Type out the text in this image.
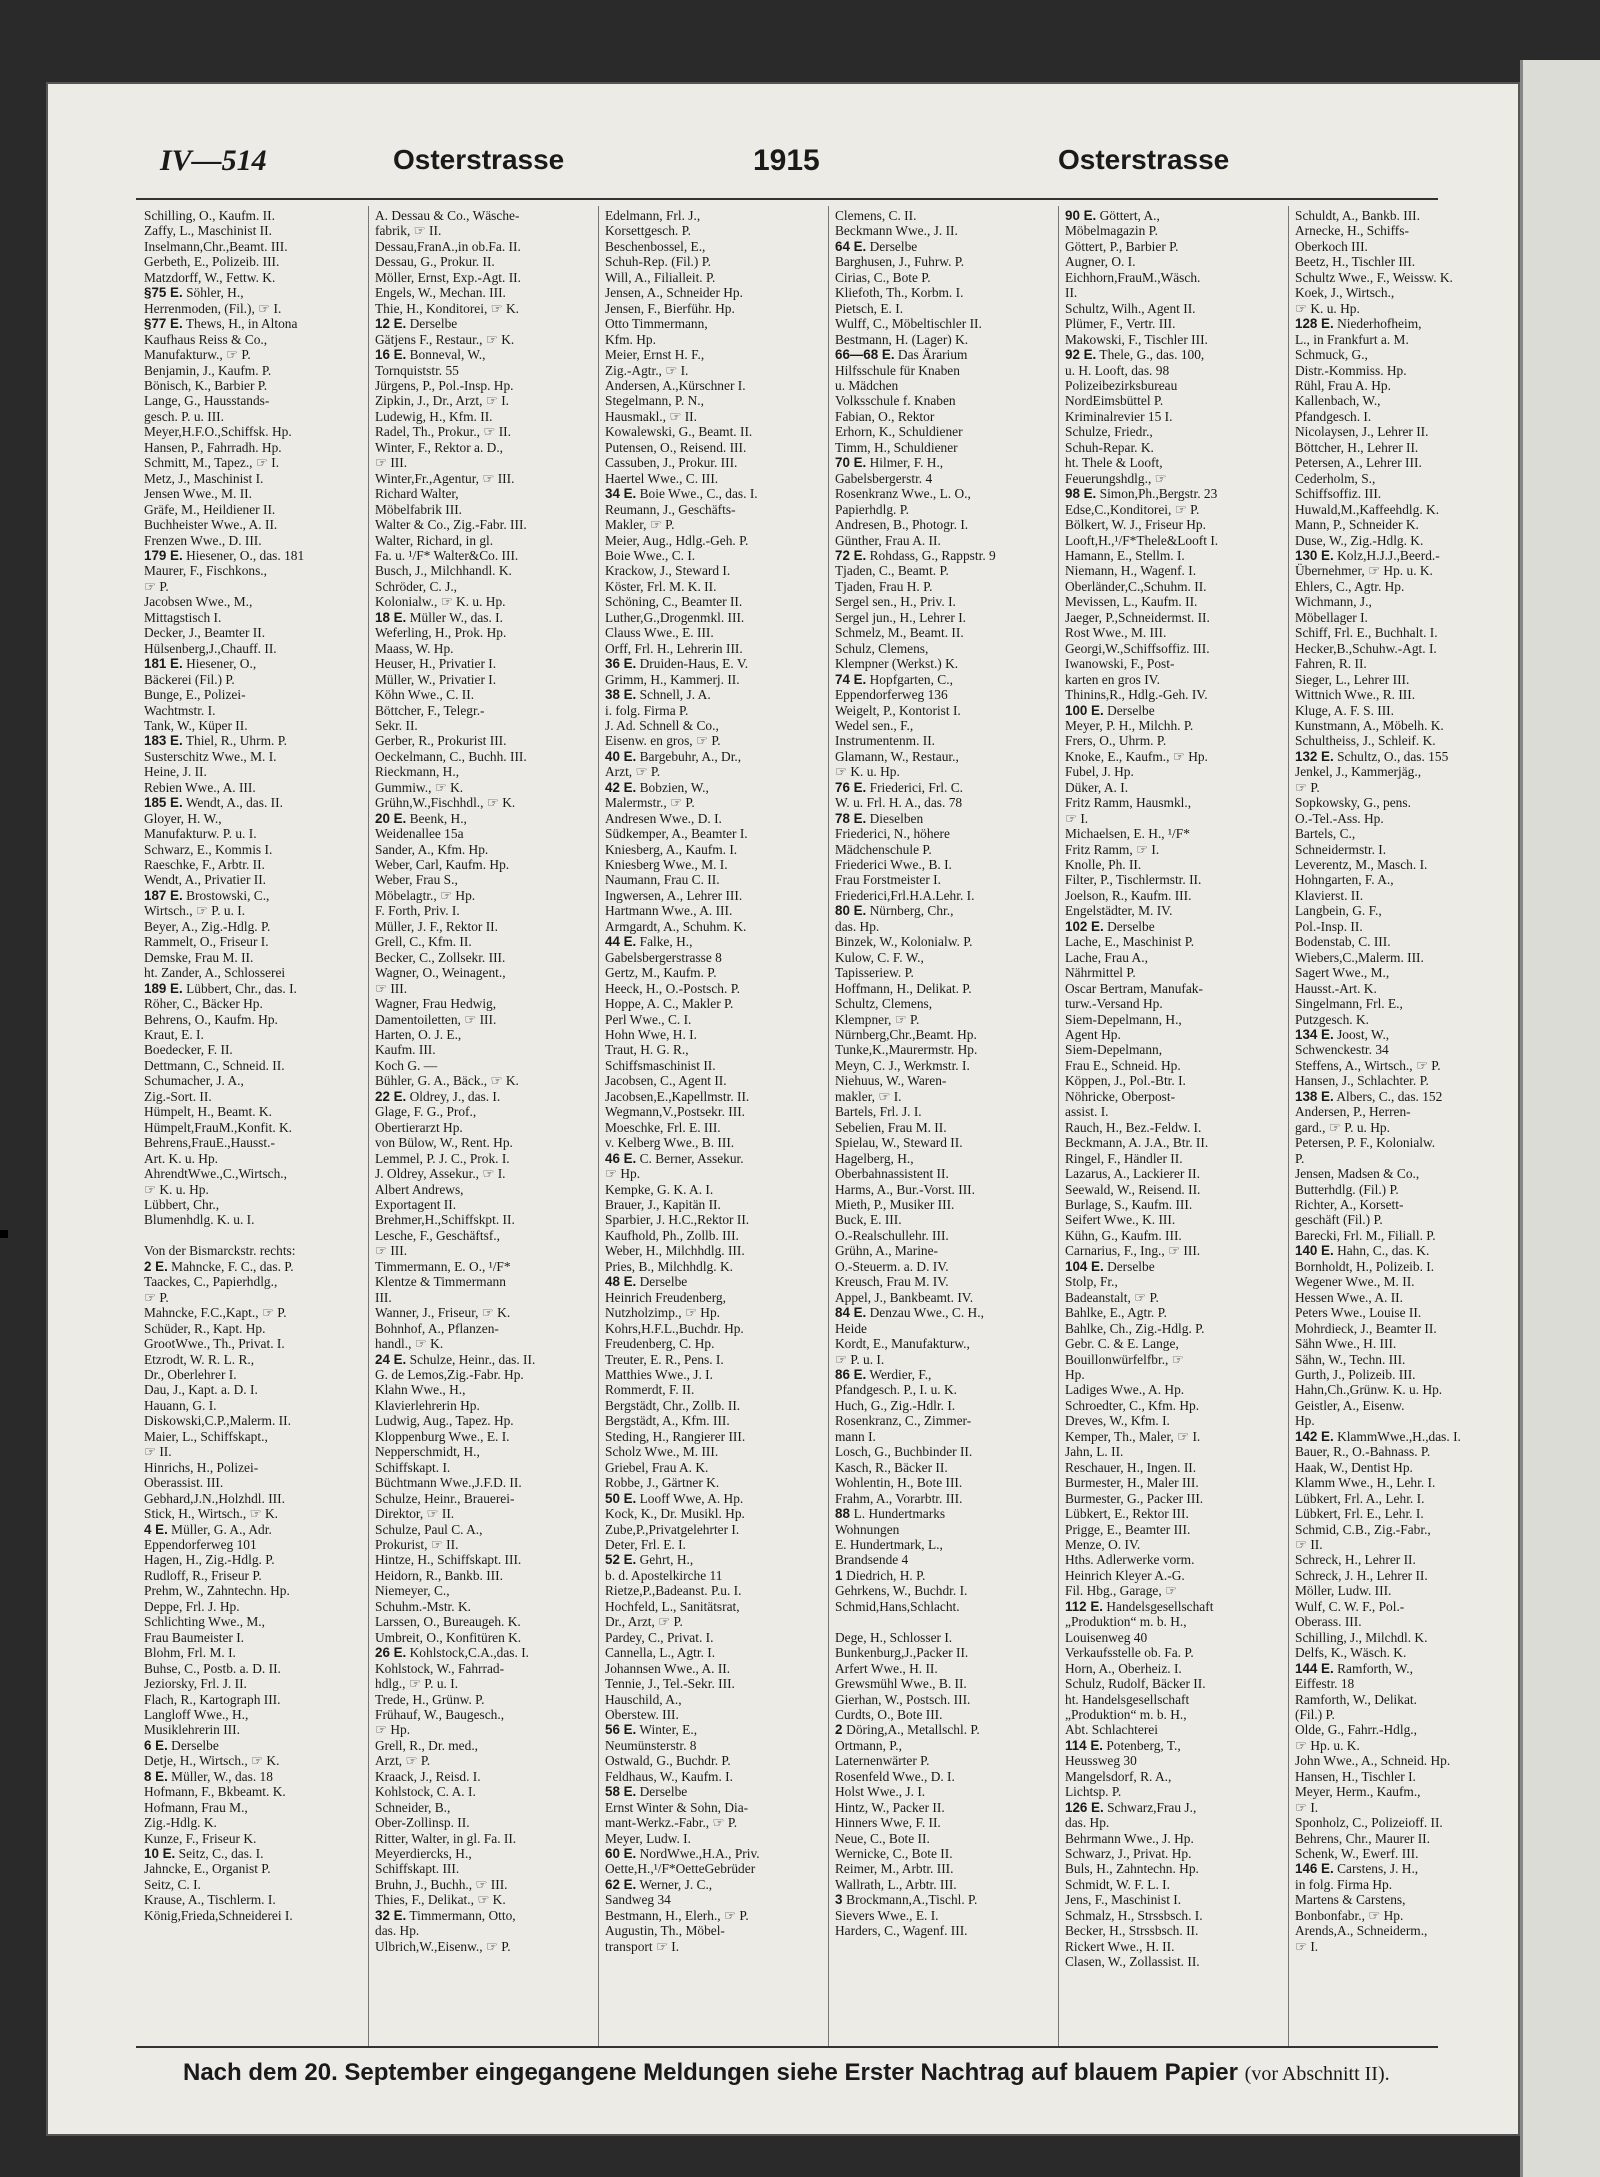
IV—514	Osterstrasse	1915	Osterstrasse
Schilling, O., Kaufm. II.
Zaffy, L., Maschinist II.
Inselmann,Chr.,Beamt. III.
Gerbeth, E., Polizeib. III.
Matzdorff, W., Fettw. K.
§75 E. Söhler, H.,
Herrenmoden, (Fil.), ☞ I.
§77 E. Thews, H., in Altona
Kaufhaus Reiss & Co.,
Manufakturw., ☞ P.
Benjamin, J., Kaufm. P.
Bönisch, K., Barbier P.
Lange, G., Hausstands-
gesch. P. u. III.
Meyer,H.F.O.,Schiffsk. Hp.
Hansen, P., Fahrradh. Hp.
Schmitt, M., Tapez., ☞ I.
Metz, J., Maschinist I.
Jensen Wwe., M. II.
Gräfe, M., Heildiener II.
Buchheister Wwe., A. II.
Frenzen Wwe., D. III.
179 E. Hiesener, O., das. 181
Maurer, F., Fischkons.,
☞ P.
Jacobsen Wwe., M.,
Mittagstisch I.
Decker, J., Beamter II.
Hülsenberg,J.,Chauff. II.
181 E. Hiesener, O.,
Bäckerei (Fil.) P.
Bunge, E., Polizei-
Wachtmstr. I.
Tank, W., Küper II.
183 E. Thiel, R., Uhrm. P.
Susterschitz Wwe., M. I.
Heine, J. II.
Rebien Wwe., A. III.
185 E. Wendt, A., das. II.
Gloyer, H. W.,
Manufakturw. P. u. I.
Schwarz, E., Kommis I.
Raeschke, F., Arbtr. II.
Wendt, A., Privatier II.
187 E. Brostowski, C.,
Wirtsch., ☞ P. u. I.
Beyer, A., Zig.-Hdlg. P.
Rammelt, O., Friseur I.
Demske, Frau M. II.
ht. Zander, A., Schlosserei
189 E. Lübbert, Chr., das. I.
Röher, C., Bäcker Hp.
Behrens, O., Kaufm. Hp.
Kraut, E. I.
Boedecker, F. II.
Dettmann, C., Schneid. II.
Schumacher, J. A.,
Zig.-Sort. II.
Hümpelt, H., Beamt. K.
Hümpelt,FrauM.,Konfit. K.
Behrens,FrauE.,Hausst.-
Art. K. u. Hp.
AhrendtWwe.,C.,Wirtsch.,
☞ K. u. Hp.
Lübbert, Chr.,
Blumenhdlg. K. u. I.

Von der Bismarckstr. rechts:
2 E. Mahncke, F. C., das. P.
Taackes, C., Papierhdlg.,
☞ P.
Mahncke, F.C.,Kapt., ☞ P.
Schüder, R., Kapt. Hp.
GrootWwe., Th., Privat. I.
Etzrodt, W. R. L. R.,
Dr., Oberlehrer I.
Dau, J., Kapt. a. D. I.
Hauann, G. I.
Diskowski,C.P.,Malerm. II.
Maier, L., Schiffskapt.,
☞ II.
Hinrichs, H., Polizei-
Oberassist. III.
Gebhard,J.N.,Holzhdl. III.
Stick, H., Wirtsch., ☞ K.
4 E. Müller, G. A., Adr.
Eppendorferweg 101
Hagen, H., Zig.-Hdlg. P.
Rudloff, R., Friseur P.
Prehm, W., Zahntechn. Hp.
Deppe, Frl. J. Hp.
Schlichting Wwe., M.,
Frau Baumeister I.
Blohm, Frl. M. I.
Buhse, C., Postb. a. D. II.
Jeziorsky, Frl. J. II.
Flach, R., Kartograph III.
Langloff Wwe., H.,
Musiklehrerin III.
6 E. Derselbe
Detje, H., Wirtsch., ☞ K.
8 E. Müller, W., das. 18
Hofmann, F., Bkbeamt. K.
Hofmann, Frau M.,
Zig.-Hdlg. K.
Kunze, F., Friseur K.
10 E. Seitz, C., das. I.
Jahncke, E., Organist P.
Seitz, C. I.
Krause, A., Tischlerm. I.
König,Frieda,Schneiderei I.
A. Dessau & Co., Wäsche-
fabrik, ☞ II.
Dessau,FranA.,in ob.Fa. II.
Dessau, G., Prokur. II.
Möller, Ernst, Exp.-Agt. II.
Engels, W., Mechan. III.
Thie, H., Konditorei, ☞ K.
12 E. Derselbe
Gätjens F., Restaur., ☞ K.
16 E. Bonneval, W.,
Tornquiststr. 55
Jürgens, P., Pol.-Insp. Hp.
Zipkin, J., Dr., Arzt, ☞ I.
Ludewig, H., Kfm. II.
Radel, Th., Prokur., ☞ II.
Winter, F., Rektor a. D.,
☞ III.
Winter,Fr.,Agentur, ☞ III.
Richard Walter,
Möbelfabrik III.
Walter & Co., Zig.-Fabr. III.
Walter, Richard, in gl.
Fa. u. ¹/F* Walter&Co. III.
Busch, J., Milchhandl. K.
Schröder, C. J.,
Kolonialw., ☞ K. u. Hp.
18 E. Müller W., das. I.
Weferling, H., Prok. Hp.
Maass, W. Hp.
Heuser, H., Privatier I.
Müller, W., Privatier I.
Köhn Wwe., C. II.
Böttcher, F., Telegr.-
Sekr. II.
Gerber, R., Prokurist III.
Oeckelmann, C., Buchh. III.
Rieckmann, H.,
Gummiw., ☞ K.
Grühn,W.,Fischhdl., ☞ K.
20 E. Beenk, H.,
Weidenallee 15a
Sander, A., Kfm. Hp.
Weber, Carl, Kaufm. Hp.
Weber, Frau S.,
Möbelagtr., ☞ Hp.
F. Forth, Priv. I.
Müller, J. F., Rektor II.
Grell, C., Kfm. II.
Becker, C., Zollsekr. III.
Wagner, O., Weinagent.,
☞ III.
Wagner, Frau Hedwig,
Damentoiletten, ☞ III.
Harten, O. J. E.,
Kaufm. III.
Koch G. —
Bühler, G. A., Bäck., ☞ K.
22 E. Oldrey, J., das. I.
Glage, F. G., Prof.,
Obertierarzt Hp.
von Bülow, W., Rent. Hp.
Lemmel, P. J. C., Prok. I.
J. Oldrey, Assekur., ☞ I.
Albert Andrews,
Exportagent II.
Brehmer,H.,Schiffskpt. II.
Lesche, F., Geschäftsf.,
☞ III.
Timmermann, E. O., ¹/F*
Klentze & Timmermann
III.
Wanner, J., Friseur, ☞ K.
Bohnhof, A., Pflanzen-
handl., ☞ K.
24 E. Schulze, Heinr., das. II.
G. de Lemos,Zig.-Fabr. Hp.
Klahn Wwe., H.,
Klavierlehrerin Hp.
Ludwig, Aug., Tapez. Hp.
Kloppenburg Wwe., E. I.
Nepperschmidt, H.,
Schiffskapt. I.
Büchtmann Wwe.,J.F.D. II.
Schulze, Heinr., Brauerei-
Direktor, ☞ II.
Schulze, Paul C. A.,
Prokurist, ☞ II.
Hintze, H., Schiffskapt. III.
Heidorn, R., Bankb. III.
Niemeyer, C.,
Schuhm.-Mstr. K.
Larssen, O., Bureaugeh. K.
Umbreit, O., Konfitüren K.
26 E. Kohlstock,C.A.,das. I.
Kohlstock, W., Fahrrad-
hdlg., ☞ P. u. I.
Trede, H., Grünw. P.
Frühauf, W., Baugesch.,
☞ Hp.
Grell, R., Dr. med.,
Arzt, ☞ P.
Kraack, J., Reisd. I.
Kohlstock, C. A. I.
Schneider, B.,
Ober-Zollinsp. II.
Ritter, Walter, in gl. Fa. II.
Meyerdiercks, H.,
Schiffskapt. III.
Bruhn, J., Buchh., ☞ III.
Thies, F., Delikat., ☞ K.
32 E. Timmermann, Otto,
das. Hp.
Ulbrich,W.,Eisenw., ☞ P.
Edelmann, Frl. J.,
Korsettgesch. P.
Beschenbossel, E.,
Schuh-Rep. (Fil.) P.
Will, A., Filialleit. P.
Jensen, A., Schneider Hp.
Jensen, F., Bierführ. Hp.
Otto Timmermann,
Kfm. Hp.
Meier, Ernst H. F.,
Zig.-Agtr., ☞ I.
Andersen, A.,Kürschner I.
Stegelmann, P. N.,
Hausmakl., ☞ II.
Kowalewski, G., Beamt. II.
Putensen, O., Reisend. III.
Cassuben, J., Prokur. III.
Haertel Wwe., C. III.
34 E. Boie Wwe., C., das. I.
Reumann, J., Geschäfts-
Makler, ☞ P.
Meier, Aug., Hdlg.-Geh. P.
Boie Wwe., C. I.
Krackow, J., Steward I.
Köster, Frl. M. K. II.
Schöning, C., Beamter II.
Luther,G.,Drogenmkl. III.
Clauss Wwe., E. III.
Orff, Frl. H., Lehrerin III.
36 E. Druiden-Haus, E. V.
Grimm, H., Kammerj. II.
38 E. Schnell, J. A.
i. folg. Firma P.
J. Ad. Schnell & Co.,
Eisenw. en gros, ☞ P.
40 E. Bargebuhr, A., Dr.,
Arzt, ☞ P.
42 E. Bobzien, W.,
Malermstr., ☞ P.
Andresen Wwe., D. I.
Südkemper, A., Beamter I.
Kniesberg, A., Kaufm. I.
Kniesberg Wwe., M. I.
Naumann, Frau C. II.
Ingwersen, A., Lehrer III.
Hartmann Wwe., A. III.
Armgardt, A., Schuhm. K.
44 E. Falke, H.,
Gabelsbergerstrasse 8
Gertz, M., Kaufm. P.
Heeck, H., O.-Postsch. P.
Hoppe, A. C., Makler P.
Perl Wwe., C. I.
Hohn Wwe, H. I.
Traut, H. G. R.,
Schiffsmaschinist II.
Jacobsen, C., Agent II.
Jacobsen,E.,Kapellmstr. II.
Wegmann,V.,Postsekr. III.
Moeschke, Frl. E. III.
v. Kelberg Wwe., B. III.
46 E. C. Berner, Assekur.
☞ Hp.
Kempke, G. K. A. I.
Brauer, J., Kapitän II.
Sparbier, J. H.C.,Rektor II.
Kaufhold, Ph., Zollb. III.
Weber, H., Milchhdlg. III.
Pries, B., Milchhdlg. K.
48 E. Derselbe
Heinrich Freudenberg,
Nutzholzimp., ☞ Hp.
Kohrs,H.F.L.,Buchdr. Hp.
Freudenberg, C. Hp.
Treuter, E. R., Pens. I.
Matthies Wwe., J. I.
Rommerdt, F. II.
Bergstädt, Chr., Zollb. II.
Bergstädt, A., Kfm. III.
Steding, H., Rangierer III.
Scholz Wwe., M. III.
Griebel, Frau A. K.
Robbe, J., Gärtner K.
50 E. Looff Wwe, A. Hp.
Kock, K., Dr. Musikl. Hp.
Zube,P.,Privatgelehrter I.
Deter, Frl. E. I.
52 E. Gehrt, H.,
b. d. Apostelkirche 11
Rietze,P.,Badeanst. P.u. I.
Hochfeld, L., Sanitätsrat,
Dr., Arzt, ☞ P.
Pardey, C., Privat. I.
Cannella, L., Agtr. I.
Johannsen Wwe., A. II.
Tennie, J., Tel.-Sekr. III.
Hauschild, A.,
Oberstew. III.
56 E. Winter, E.,
Neumünsterstr. 8
Ostwald, G., Buchdr. P.
Feldhaus, W., Kaufm. I.
58 E. Derselbe
Ernst Winter & Sohn, Dia-
mant-Werkz.-Fabr., ☞ P.
Meyer, Ludw. I.
60 E. NordWwe.,H.A., Priv.
Oette,H.,¹/F*OetteGebrüder
62 E. Werner, J. C.,
Sandweg 34
Bestmann, H., Elerh., ☞ P.
Augustin, Th., Möbel-
transport ☞ I.
Clemens, C. II.
Beckmann Wwe., J. II.
64 E. Derselbe
Barghusen, J., Fuhrw. P.
Cirias, C., Bote P.
Kliefoth, Th., Korbm. I.
Pietsch, E. I.
Wulff, C., Möbeltischler II.
Bestmann, H. (Lager) K.
66—68 E. Das Ärarium
Hilfsschule für Knaben
u. Mädchen
Volksschule f. Knaben
Fabian, O., Rektor
Erhorn, K., Schuldiener
Timm, H., Schuldiener
70 E. Hilmer, F. H.,
Gabelsbergerstr. 4
Rosenkranz Wwe., L. O.,
Papierhdlg. P.
Andresen, B., Photogr. I.
Günther, Frau A. II.
72 E. Rohdass, G., Rappstr. 9
Tjaden, C., Beamt. P.
Tjaden, Frau H. P.
Sergel sen., H., Priv. I.
Sergel jun., H., Lehrer I.
Schmelz, M., Beamt. II.
Schulz, Clemens,
Klempner (Werkst.) K.
74 E. Hopfgarten, C.,
Eppendorferweg 136
Weigelt, P., Kontorist I.
Wedel sen., F.,
Instrumentenm. II.
Glamann, W., Restaur.,
☞ K. u. Hp.
76 E. Friederici, Frl. C.
W. u. Frl. H. A., das. 78
78 E. Dieselben
Friederici, N., höhere
Mädchenschule P.
Friederici Wwe., B. I.
Frau Forstmeister I.
Friederici,Frl.H.A.Lehr. I.
80 E. Nürnberg, Chr.,
das. Hp.
Binzek, W., Kolonialw. P.
Kulow, C. F. W.,
Tapisseriew. P.
Hoffmann, H., Delikat. P.
Schultz, Clemens,
Klempner, ☞ P.
Nürnberg,Chr.,Beamt. Hp.
Tunke,K.,Maurermstr. Hp.
Meyn, C. J., Werkmstr. I.
Niehuus, W., Waren-
makler, ☞ I.
Bartels, Frl. J. I.
Sebelien, Frau M. II.
Spielau, W., Steward II.
Hagelberg, H.,
Oberbahnassistent II.
Harms, A., Bur.-Vorst. III.
Mieth, P., Musiker III.
Buck, E. III.
O.-Realschullehr. III.
Grühn, A., Marine-
O.-Steuerm. a. D. IV.
Kreusch, Frau M. IV.
Appel, J., Bankbeamt. IV.
84 E. Denzau Wwe., C. H.,
Heide
Kordt, E., Manufakturw.,
☞ P. u. I.
86 E. Werdier, F.,
Pfandgesch. P., I. u. K.
Huch, G., Zig.-Hdlr. I.
Rosenkranz, C., Zimmer-
mann I.
Losch, G., Buchbinder II.
Kasch, R., Bäcker II.
Wohlentin, H., Bote III.
Frahm, A., Vorarbtr. III.
88 L. Hundertmarks
Wohnungen
E. Hundertmark, L.,
Brandsende 4
1 Diedrich, H. P.
Gehrkens, W., Buchdr. I.
Schmid,Hans,Schlacht.

Dege, H., Schlosser I.
Bunkenburg,J.,Packer II.
Arfert Wwe., H. II.
Grewsmühl Wwe., B. II.
Gierhan, W., Postsch. III.
Curdts, O., Bote III.
2 Döring,A., Metallschl. P.
Ortmann, P.,
Laternenwärter P.
Rosenfeld Wwe., D. I.
Holst Wwe., J. I.
Hintz, W., Packer II.
Hinners Wwe, F. II.
Neue, C., Bote II.
Wernicke, C., Bote II.
Reimer, M., Arbtr. III.
Wallrath, L., Arbtr. III.
3 Brockmann,A.,Tischl. P.
Sievers Wwe., E. I.
Harders, C., Wagenf. III.
90 E. Göttert, A.,
Möbelmagazin P.
Göttert, P., Barbier P.
Augner, O. I.
Eichhorn,FrauM.,Wäsch.
II.
Schultz, Wilh., Agent II.
Plümer, F., Vertr. III.
Makowski, F., Tischler III.
92 E. Thele, G., das. 100,
u. H. Looft, das. 98
Polizeibezirksbureau
NordEimsbüttel P.
Kriminalrevier 15 I.
Schulze, Friedr.,
Schuh-Repar. K.
ht. Thele & Looft,
Feuerungshdlg., ☞
98 E. Simon,Ph.,Bergstr. 23
Edse,C.,Konditorei, ☞ P.
Bölkert, W. J., Friseur Hp.
Looft,H.,¹/F*Thele&Looft I.
Hamann, E., Stellm. I.
Niemann, H., Wagenf. I.
Oberländer,C.,Schuhm. II.
Mevissen, L., Kaufm. II.
Jaeger, P.,Schneidermst. II.
Rost Wwe., M. III.
Georgi,W.,Schiffsoffiz. III.
Iwanowski, F., Post-
karten en gros IV.
Thinins,R., Hdlg.-Geh. IV.
100 E. Derselbe
Meyer, P. H., Milchh. P.
Frers, O., Uhrm. P.
Knoke, E., Kaufm., ☞ Hp.
Fubel, J. Hp.
Düker, A. I.
Fritz Ramm, Hausmkl.,
☞ I.
Michaelsen, E. H., ¹/F*
Fritz Ramm, ☞ I.
Knolle, Ph. II.
Filter, P., Tischlermstr. II.
Joelson, R., Kaufm. III.
Engelstädter, M. IV.
102 E. Derselbe
Lache, E., Maschinist P.
Lache, Frau A.,
Nährmittel P.
Oscar Bertram, Manufak-
turw.-Versand Hp.
Siem-Depelmann, H.,
Agent Hp.
Siem-Depelmann,
Frau E., Schneid. Hp.
Köppen, J., Pol.-Btr. I.
Nöhricke, Oberpost-
assist. I.
Rauch, H., Bez.-Feldw. I.
Beckmann, A. J.A., Btr. II.
Ringel, F., Händler II.
Lazarus, A., Lackierer II.
Seewald, W., Reisend. II.
Burlage, S., Kaufm. III.
Seifert Wwe., K. III.
Kühn, G., Kaufm. III.
Carnarius, F., Ing., ☞ III.
104 E. Derselbe
Stolp, Fr.,
Badeanstalt, ☞ P.
Bahlke, E., Agtr. P.
Bahlke, Ch., Zig.-Hdlg. P.
Gebr. C. & E. Lange,
Bouillonwürfelfbr., ☞
Hp.
Ladiges Wwe., A. Hp.
Schroedter, C., Kfm. Hp.
Dreves, W., Kfm. I.
Kemper, Th., Maler, ☞ I.
Jahn, L. II.
Reschauer, H., Ingen. II.
Burmester, H., Maler III.
Burmester, G., Packer III.
Lübkert, E., Rektor III.
Prigge, E., Beamter III.
Menze, O. IV.
Hths. Adlerwerke vorm.
Heinrich Kleyer A.-G.
Fil. Hbg., Garage, ☞
112 E. Handelsgesellschaft
„Produktion“ m. b. H.,
Louisenweg 40
Verkaufsstelle ob. Fa. P.
Horn, A., Oberheiz. I.
Schulz, Rudolf, Bäcker II.
ht. Handelsgesellschaft
„Produktion“ m. b. H.,
Abt. Schlachterei
114 E. Potenberg, T.,
Heussweg 30
Mangelsdorf, R. A.,
Lichtsp. P.
126 E. Schwarz,Frau J.,
das. Hp.
Behrmann Wwe., J. Hp.
Schwarz, J., Privat. Hp.
Buls, H., Zahntechn. Hp.
Schmidt, W. F. L. I.
Jens, F., Maschinist I.
Schmalz, H., Strssbsch. I.
Becker, H., Strssbsch. II.
Rickert Wwe., H. II.
Clasen, W., Zollassist. II.
Schuldt, A., Bankb. III.
Arnecke, H., Schiffs-
Oberkoch III.
Beetz, H., Tischler III.
Schultz Wwe., F., Weissw. K.
Koek, J., Wirtsch.,
☞ K. u. Hp.
128 E. Niederhofheim,
L., in Frankfurt a. M.
Schmuck, G.,
Distr.-Kommiss. Hp.
Rühl, Frau A. Hp.
Kallenbach, W.,
Pfandgesch. I.
Nicolaysen, J., Lehrer II.
Böttcher, H., Lehrer II.
Petersen, A., Lehrer III.
Cederholm, S.,
Schiffsoffiz. III.
Huwald,M.,Kaffeehdlg. K.
Mann, P., Schneider K.
Duse, W., Zig.-Hdlg. K.
130 E. Kolz,H.J.J.,Beerd.-
Übernehmer, ☞ Hp. u. K.
Ehlers, C., Agtr. Hp.
Wichmann, J.,
Möbellager I.
Schiff, Frl. E., Buchhalt. I.
Hecker,B.,Schuhw.-Agt. I.
Fahren, R. II.
Sieger, L., Lehrer III.
Wittnich Wwe., R. III.
Kluge, A. F. S. III.
Kunstmann, A., Möbelh. K.
Schultheiss, J., Schleif. K.
132 E. Schultz, O., das. 155
Jenkel, J., Kammerjäg.,
☞ P.
Sopkowsky, G., pens.
O.-Tel.-Ass. Hp.
Bartels, C.,
Schneidermstr. I.
Leverentz, M., Masch. I.
Hohngarten, F. A.,
Klavierst. II.
Langbein, G. F.,
Pol.-Insp. II.
Bodenstab, C. III.
Wiebers,C.,Malerm. III.
Sagert Wwe., M.,
Hausst.-Art. K.
Singelmann, Frl. E.,
Putzgesch. K.
134 E. Joost, W.,
Schwenckestr. 34
Steffens, A., Wirtsch., ☞ P.
Hansen, J., Schlachter. P.
138 E. Albers, C., das. 152
Andersen, P., Herren-
gard., ☞ P. u. Hp.
Petersen, P. F., Kolonialw.
P.
Jensen, Madsen & Co.,
Butterhdlg. (Fil.) P.
Richter, A., Korsett-
geschäft (Fil.) P.
Barecki, Frl. M., Filiall. P.
140 E. Hahn, C., das. K.
Bornholdt, H., Polizeib. I.
Wegener Wwe., M. II.
Hessen Wwe., A. II.
Peters Wwe., Louise II.
Mohrdieck, J., Beamter II.
Sähn Wwe., H. III.
Sähn, W., Techn. III.
Gurth, J., Polizeib. III.
Hahn,Ch.,Grünw. K. u. Hp.
Geistler, A., Eisenw.
Hp.
142 E. KlammWwe.,H.,das. I.
Bauer, R., O.-Bahnass. P.
Haak, W., Dentist Hp.
Klamm Wwe., H., Lehr. I.
Lübkert, Frl. A., Lehr. I.
Lübkert, Frl. E., Lehr. I.
Schmid, C.B., Zig.-Fabr.,
☞ II.
Schreck, H., Lehrer II.
Schreck, J. H., Lehrer II.
Möller, Ludw. III.
Wulf, C. W. F., Pol.-
Oberass. III.
Schilling, J., Milchdl. K.
Delfs, K., Wäsch. K.
144 E. Ramforth, W.,
Eiffestr. 18
Ramforth, W., Delikat.
(Fil.) P.
Olde, G., Fahrr.-Hdlg.,
☞ Hp. u. K.
John Wwe., A., Schneid. Hp.
Hansen, H., Tischler I.
Meyer, Herm., Kaufm.,
☞ I.
Sponholz, C., Polizeioff. II.
Behrens, Chr., Maurer II.
Schenk, W., Ewerf. III.
146 E. Carstens, J. H.,
in folg. Firma Hp.
Martens & Carstens,
Bonbonfabr., ☞ Hp.
Arends,A., Schneiderm.,
☞ I.
Nach dem 20. September eingegangene Meldungen siehe Erster Nachtrag auf blauem Papier (vor Abschnitt II).
